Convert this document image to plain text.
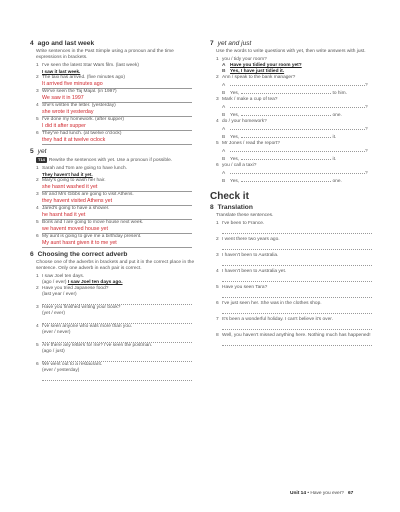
4 ago and last week
Write sentences in the Past Simple using a pronoun and the time expressions in brackets.
1 I've seen the latest Star Wars film. (last week)
I saw it last week.
2 The taxi has arrived. (five minutes ago)
It arrived five minutes ago
3 We've seen the Taj Majal. (in 1997)
We saw it in 1997
4 She's written the letter. (yesterday)
she wrote it yesterday
5 I've done my homework. (after supper)
I did it after supper
6 They've had lunch. (at twelve o'clock)
they had it at twelve oclock
5 yet
T14 Rewrite the sentences with yet. Use a pronoun if possible.
1 Sarah and Tom are going to have lunch.
They haven't had it yet.
2 Mary's going to wash her hair.
she hasnt washed it yet
3 Mr and Mrs Gibbs are going to visit Athens.
they havent visited Athens yet
4 Jared's going to have a shower.
he hasnt had it yet
5 Boris and I are going to move house next week.
we havent moved house yet
6 My aunt is going to give me a birthday present.
My aunt hasnt given it to me yet
6 Choosing the correct adverb
Choose one of the adverbs in brackets and put it in the correct place in the sentence. Only one adverb in each pair is correct.
1 I saw Joel ten days.
(ago / ever) I saw Joel ten days ago.
2 Have you tried Japanese food?
(last year / ever)
3 Have you finished writing your book?
(yet / ever)
4 I've seen anyone who eats more than you.
(ever / never)
5 Are there any letters for me? I've seen the postman.
(ago / just)
6 We went out to a restaurant.
(ever / yesterday)
7 yet and just
Use the words to write questions with yet, then write answers with just.
1 you / tidy your room?
A Have you tidied your room yet?
B Yes, I have just tidied it.
2 Ann / speak to the bank manager?
A	?
B Yes,	to him.
3 Mark / make a cup of tea?
A	?
B Yes,	one.
4 do / your homework?
A	?
B Yes,	it.
5 Mr Jones / read the report?
A	?
B Yes,	it.
6 you / call a taxi?
A	?
B Yes,	one.
Check it
8 Translation
Translate these sentences.
1 I've been to France.
2 I went there two years ago.
3 I haven't been to Australia.
4 I haven't been to Australia yet.
5 Have you seen Tara?
6 I've just seen her. She was in the clothes shop.
7 It's been a wonderful holiday. I can't believe it's over.
8 Well, you haven't missed anything here. Nothing much has happened!
Unit 14 • Have you ever? 67
